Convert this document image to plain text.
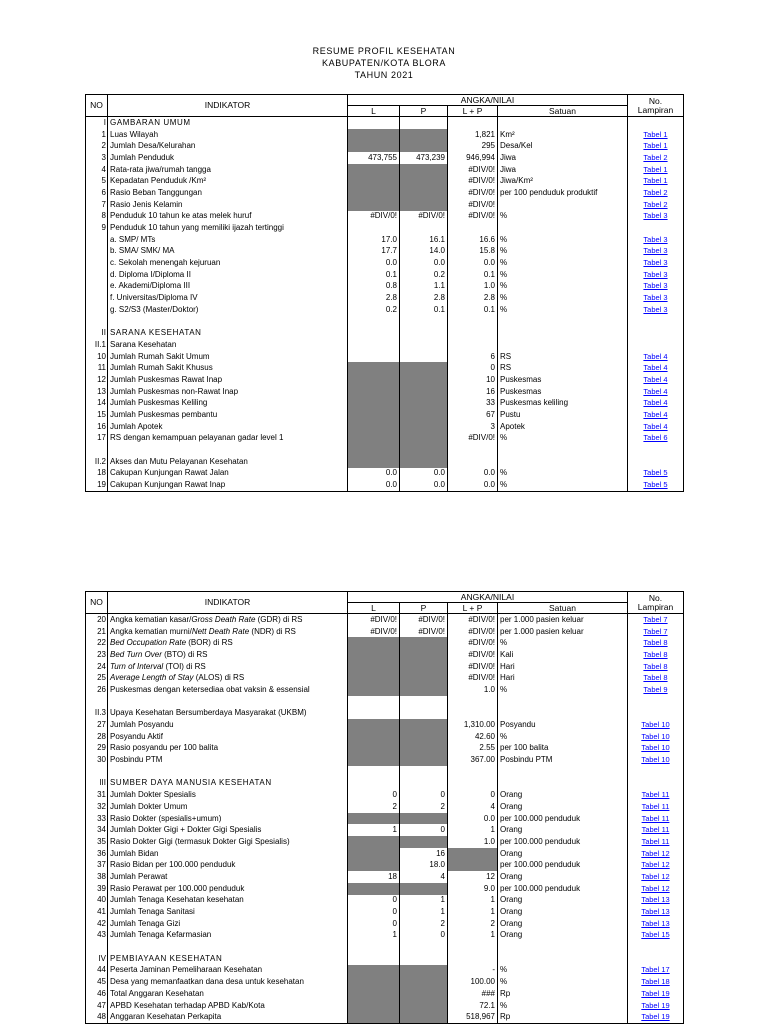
RESUME PROFIL KESEHATAN
KABUPATEN/KOTA BLORA
TAHUN 2021
NO	INDIKATOR	ANGKA/NILAI				No.
Lampiran
		L	P	L + P	Satuan	
I	GAMBARAN UMUM					
1	Luas Wilayah			1,821	Km²	Tabel 1
2	Jumlah Desa/Kelurahan			295	Desa/Kel	Tabel 1
3	Jumlah Penduduk	473,755	473,239	946,994	Jiwa	Tabel 2
4	Rata-rata jiwa/rumah tangga			#DIV/0!	Jiwa	Tabel 1
5	Kepadatan Penduduk /Km²			#DIV/0!	Jiwa/Km²	Tabel 1
6	Rasio Beban Tanggungan			#DIV/0!	per 100 penduduk produktif	Tabel 2
7	Rasio Jenis Kelamin			#DIV/0!		Tabel 2
8	Penduduk 10 tahun ke atas melek huruf	#DIV/0!	#DIV/0!	#DIV/0!	%	Tabel 3
9	Penduduk 10 tahun yang memiliki ijazah tertinggi					
	a. SMP/ MTs	17.0	16.1	16.6	%	Tabel 3
	b. SMA/ SMK/ MA	17.7	14.0	15.8	%	Tabel 3
	c. Sekolah menengah kejuruan	0.0	0.0	0.0	%	Tabel 3
	d. Diploma I/Diploma II	0.1	0.2	0.1	%	Tabel 3
	e. Akademi/Diploma III	0.8	1.1	1.0	%	Tabel 3
	f. Universitas/Diploma IV	2.8	2.8	2.8	%	Tabel 3
	g. S2/S3 (Master/Doktor)	0.2	0.1	0.1	%	Tabel 3

II	SARANA KESEHATAN					
II.1	Sarana Kesehatan					
10	Jumlah Rumah Sakit Umum			6	RS	Tabel 4
11	Jumlah Rumah Sakit Khusus			0	RS	Tabel 4
12	Jumlah Puskesmas Rawat Inap			10	Puskesmas	Tabel 4
13	Jumlah Puskesmas non-Rawat Inap			16	Puskesmas	Tabel 4
14	Jumlah Puskesmas Keliling			33	Puskesmas keliling	Tabel 4
15	Jumlah Puskesmas pembantu			67	Pustu	Tabel 4
16	Jumlah Apotek			3	Apotek	Tabel 4
17	RS dengan kemampuan pelayanan gadar level 1			#DIV/0!	%	Tabel 6

II.2	Akses dan Mutu Pelayanan Kesehatan					
18	Cakupan Kunjungan Rawat Jalan	0.0	0.0	0.0	%	Tabel 5
19	Cakupan Kunjungan Rawat Inap	0.0	0.0	0.0	%	Tabel 5
NO	INDIKATOR	ANGKA/NILAI				No.
Lampiran
		L	P	L + P	Satuan	
20	Angka kematian kasar/Gross Death Rate (GDR) di RS	#DIV/0!	#DIV/0!	#DIV/0!	per 1.000 pasien keluar	Tabel 7
21	Angka kematian murni/Nett Death Rate (NDR) di RS	#DIV/0!	#DIV/0!	#DIV/0!	per 1.000 pasien keluar	Tabel 7
22	Bed Occupation Rate (BOR) di RS			#DIV/0!	%	Tabel 8
23	Bed Turn Over (BTO) di RS			#DIV/0!	Kali	Tabel 8
24	Turn of Interval (TOI) di RS			#DIV/0!	Hari	Tabel 8
25	Average Length of Stay (ALOS) di RS			#DIV/0!	Hari	Tabel 8
26	Puskesmas dengan ketersediaa obat vaksin & essensial			1.0	%	Tabel 9

II.3	Upaya Kesehatan Bersumberdaya Masyarakat (UKBM)					
27	Jumlah Posyandu			1,310.00	Posyandu	Tabel 10
28	Posyandu Aktif			42.60	%	Tabel 10
29	Rasio posyandu per 100 balita			2.55	per 100 balita	Tabel 10
30	Posbindu PTM			367.00	Posbindu PTM	Tabel 10

III	SUMBER DAYA MANUSIA KESEHATAN					
31	Jumlah Dokter Spesialis	0	0	0	Orang	Tabel 11
32	Jumlah Dokter Umum	2	2	4	Orang	Tabel 11
33	Rasio Dokter (spesialis+umum)			0.0	per 100.000 penduduk	Tabel 11
34	Jumlah Dokter Gigi + Dokter Gigi Spesialis	1	0	1	Orang	Tabel 11
35	Rasio Dokter Gigi (termasuk Dokter Gigi Spesialis)			1.0	per 100.000 penduduk	Tabel 11
36	Jumlah Bidan		16		Orang	Tabel 12
37	Rasio Bidan per 100.000 penduduk		18.0		per 100.000 penduduk	Tabel 12
38	Jumlah Perawat	18	4	12	Orang	Tabel 12
39	Rasio Perawat per 100.000 penduduk			9.0	per 100.000 penduduk	Tabel 12
40	Jumlah Tenaga Kesehatan kesehatan	0	1	1	Orang	Tabel 13
41	Jumlah Tenaga Sanitasi	0	1	1	Orang	Tabel 13
42	Jumlah Tenaga Gizi	0	2	2	Orang	Tabel 13
43	Jumlah Tenaga Kefarmasian	1	0	1	Orang	Tabel 15

IV	PEMBIAYAAN KESEHATAN					
44	Peserta Jaminan Pemeliharaan Kesehatan			-	%	Tabel 17
45	Desa yang memanfaatkan dana desa untuk kesehatan			100.00	%	Tabel 18
46	Total Anggaran Kesehatan			###	Rp	Tabel 19
47	APBD Kesehatan terhadap APBD Kab/Kota			72.1	%	Tabel 19
48	Anggaran Kesehatan Perkapita			518,967	Rp	Tabel 19
